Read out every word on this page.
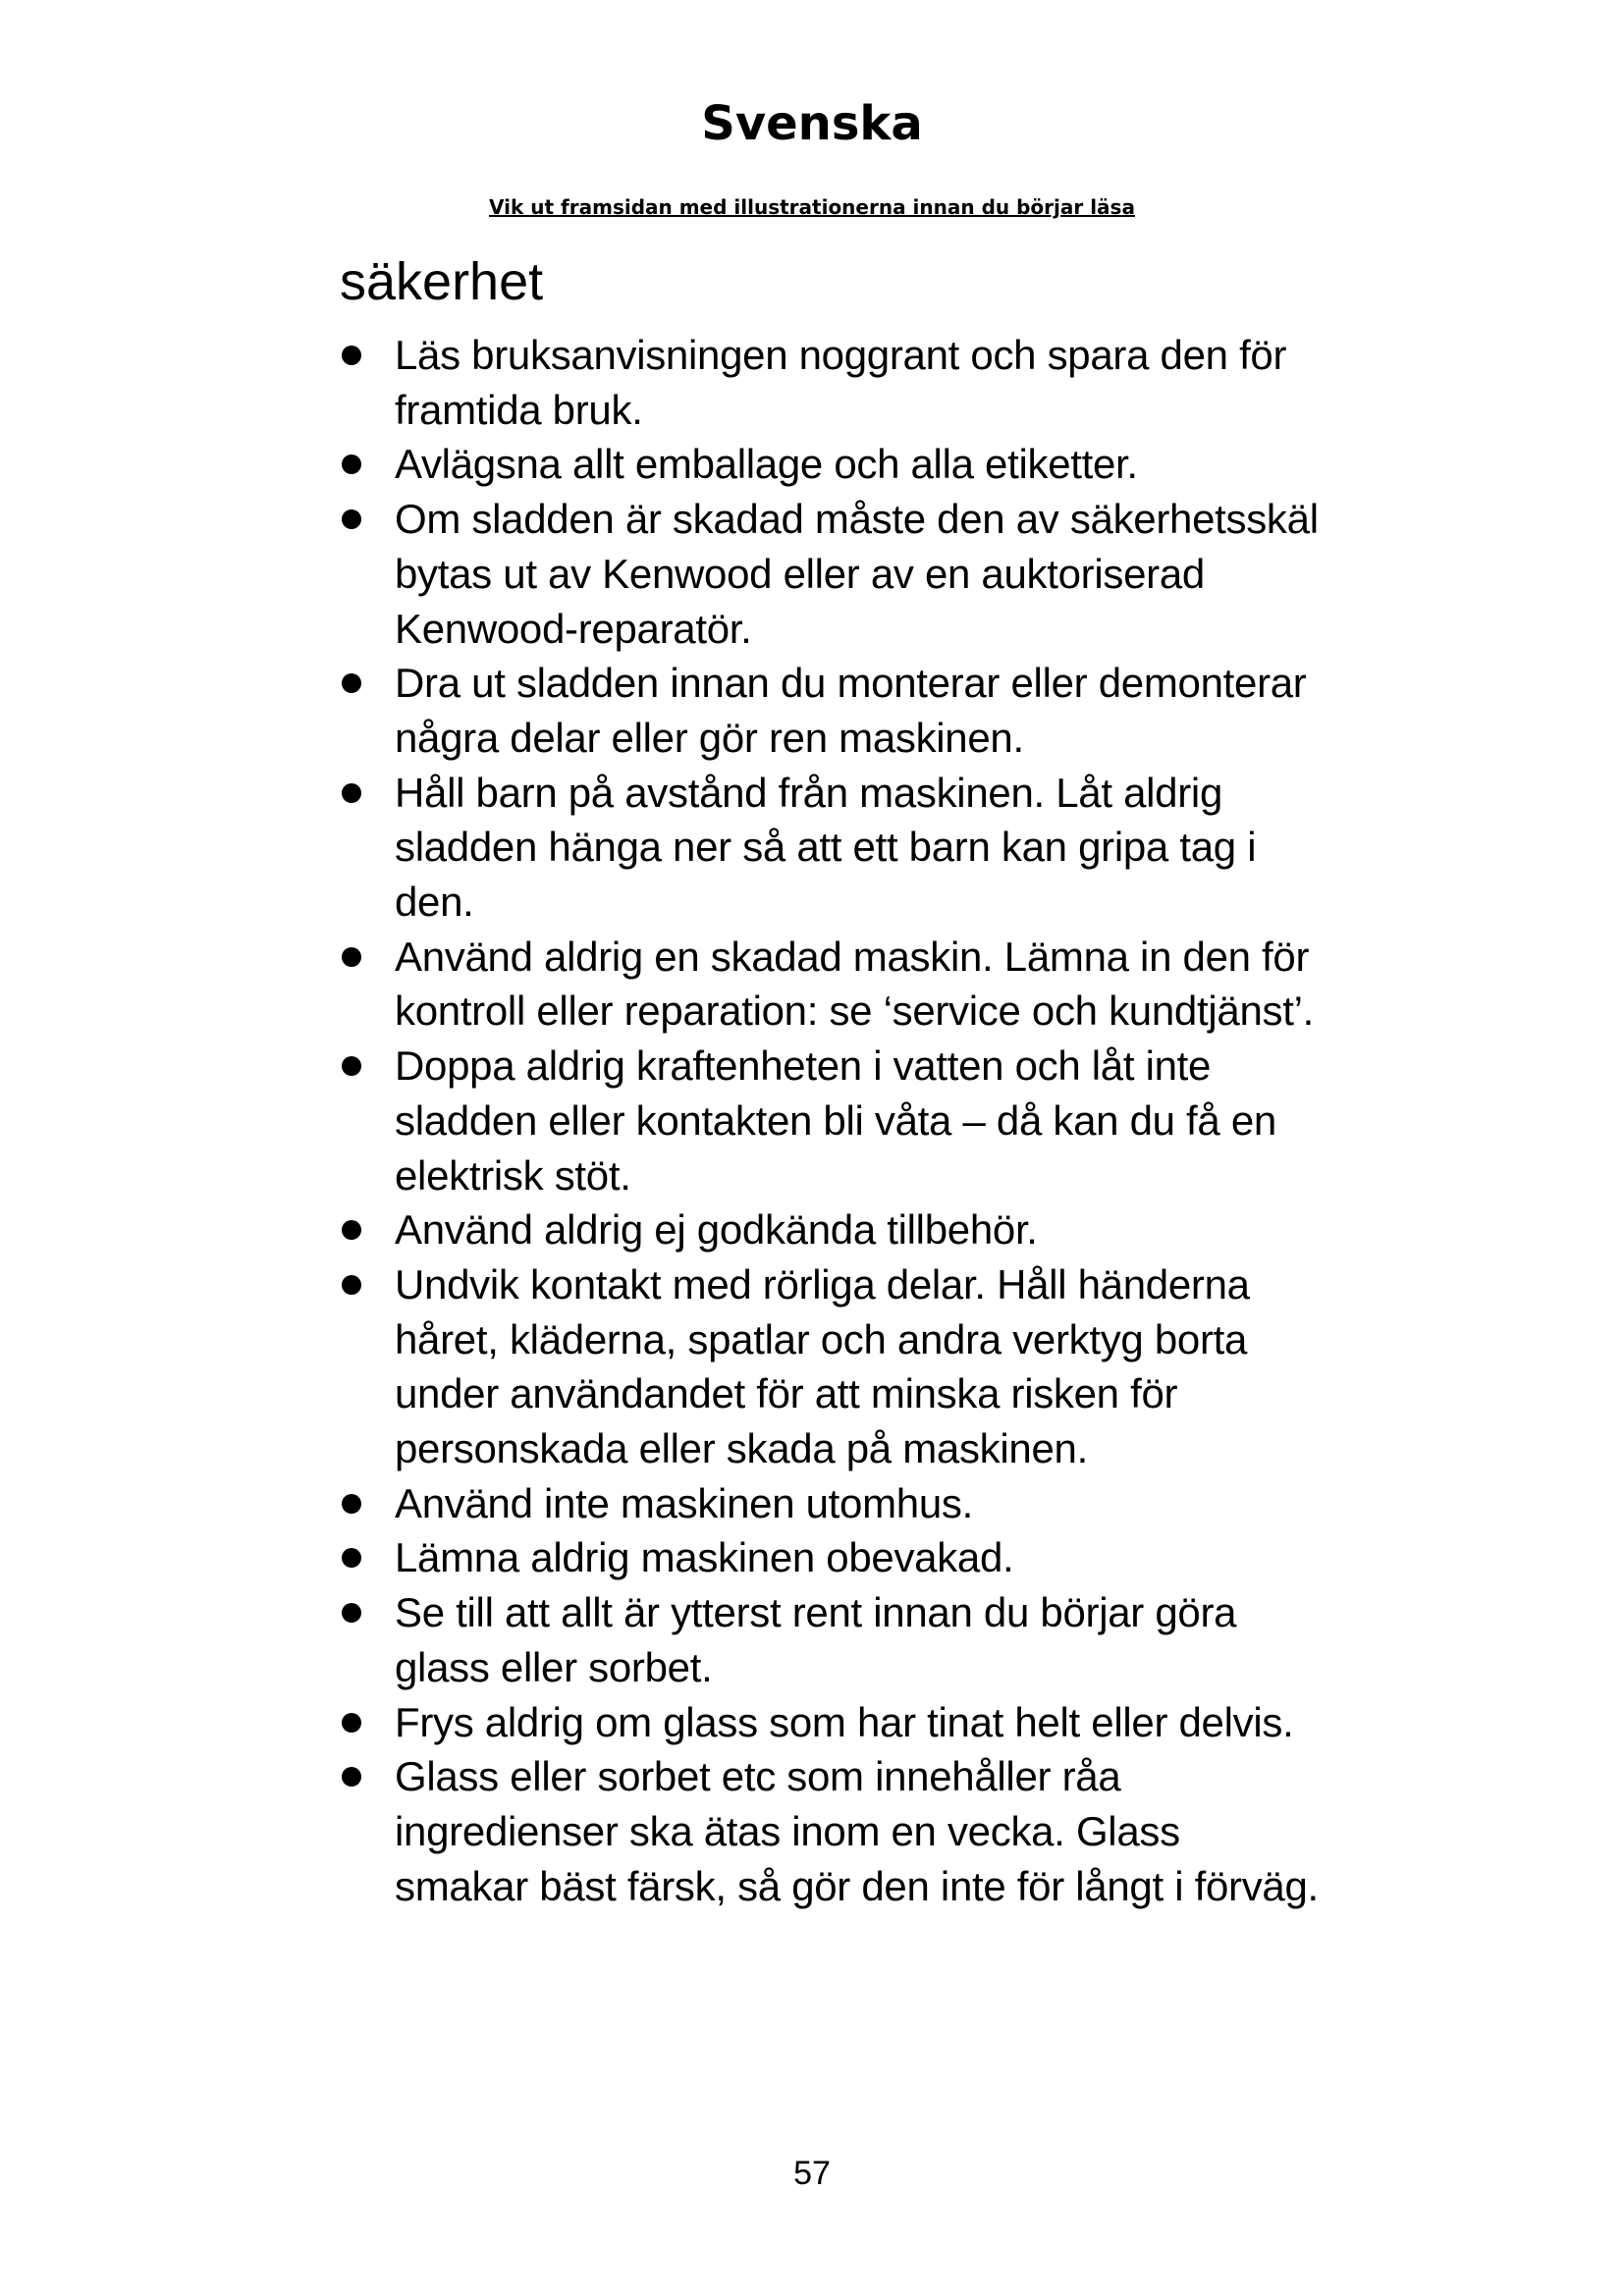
Svenska
Vik ut framsidan med illustrationerna innan du börjar läsa
säkerhet
Läs bruksanvisningen noggrant och spara den för framtida bruk.
Avlägsna allt emballage och alla etiketter.
Om sladden är skadad måste den av säkerhetsskäl bytas ut av Kenwood eller av en auktoriserad Kenwood-reparatör.
Dra ut sladden innan du monterar eller demonterar några delar eller gör ren maskinen.
Håll barn på avstånd från maskinen. Låt aldrig sladden hänga ner så att ett barn kan gripa tag i den.
Använd aldrig en skadad maskin. Lämna in den för kontroll eller reparation: se ‘service och kundtjänst’.
Doppa aldrig kraftenheten i vatten och låt inte sladden eller kontakten bli våta – då kan du få en elektrisk stöt.
Använd aldrig ej godkända tillbehör.
Undvik kontakt med rörliga delar. Håll händerna håret, kläderna, spatlar och andra verktyg borta under användandet för att minska risken för personskada eller skada på maskinen.
Använd inte maskinen utomhus.
Lämna aldrig maskinen obevakad.
Se till att allt är ytterst rent innan du börjar göra glass eller sorbet.
Frys aldrig om glass som har tinat helt eller delvis.
Glass eller sorbet etc som innehåller råa ingredienser ska ätas inom en vecka. Glass smakar bäst färsk, så gör den inte för långt i förväg.
57
